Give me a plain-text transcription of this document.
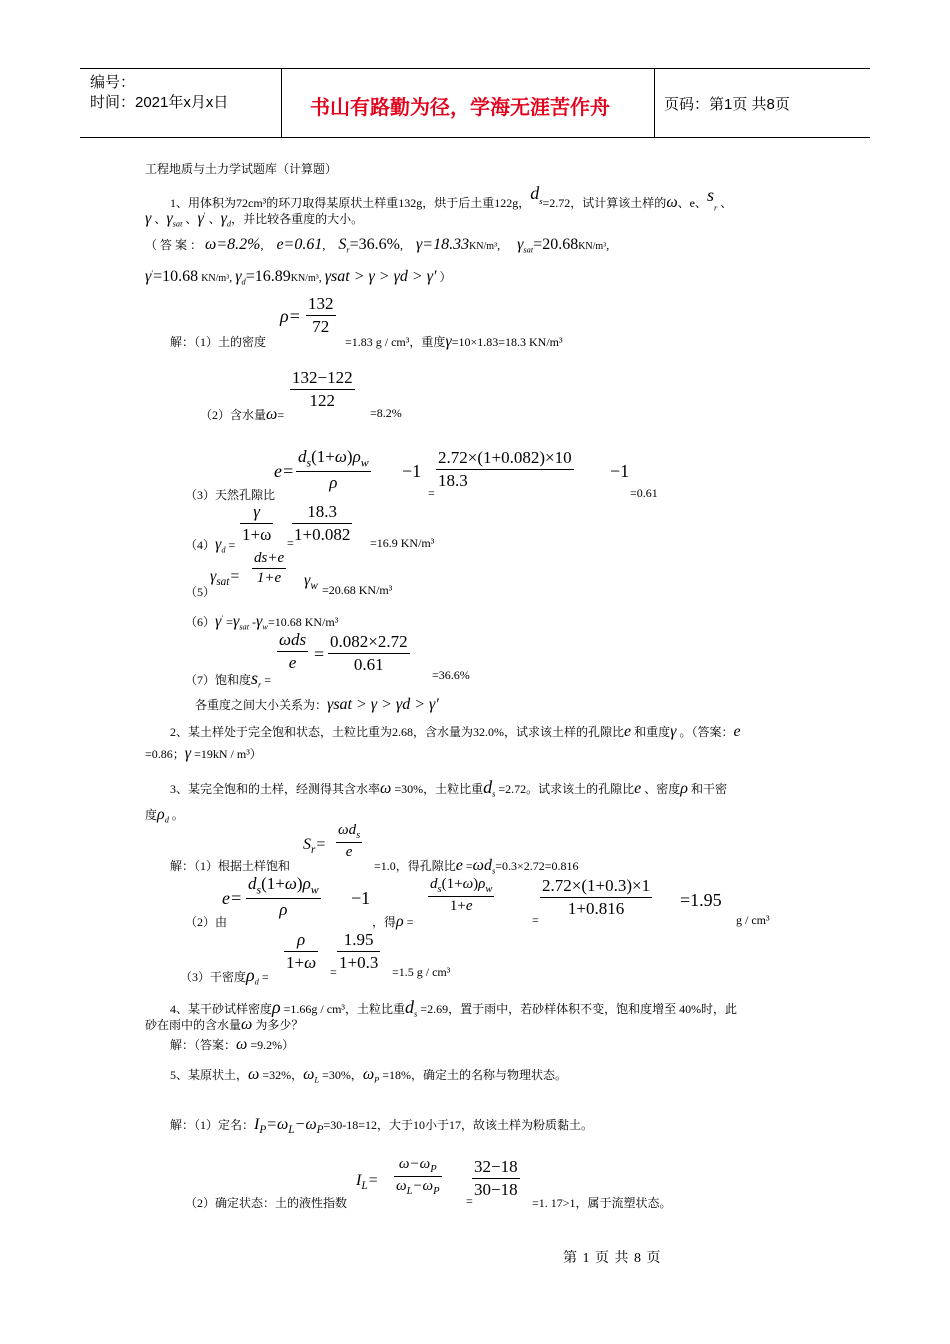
编号：
时间：2021年x月x日	书山有路勤为径，学海无涯苦作舟	页码：第1页 共8页
工程地质与土力学试题库（计算题）
1、用体积为72cm³的环刀取得某原状土样重132g，烘于后土重122g，$d_s=2.72$，试计算该土样的ω、e、$s_r$ 、
γ 、$\gamma_{sat}$ 、γ′ 、$\gamma_d$，并比较各重度的大小。
（ 答 案 ： ω=8.2%, e=0.61, $S_r=36.6\%$, γ=18.33KN/m³, $\gamma_{sat}=20.68KN/m^3$,
γ′=10.68 KN/m³, $\gamma_d=16.89KN/m^3$, γsat > γ > γd > γ′ ）
解：（1）土的密度
$\rho= \frac{132}{72}$
=1.83 g / cm³，重度γ=10×1.83=18.3 KN/m³
（2）含水量ω=
$\frac{132-122}{122}$
=8.2%
（3）天然孔隙比
$e= \frac{d_s(1+\omega)\rho_w}{\rho} -1$
=
$\frac{2.72\times(1+0.082)\times 10}{18.3} -1$
=0.61
$(4)\gamma_d = \frac{\gamma}{1+\omega}$ =
$\frac{18.3}{1+0.082} =16.9$ KN/m³
（5）
$\gamma_{sat}= \frac{ds+e}{1+e} \gamma_w =20.68$ KN/m³
$(6)\gamma' =\gamma_{sat}$ $-\gamma_w=10.68$ KN/m³
（7）饱和度$s_r$ =
ωds
$e = \frac{0.082\times 2.72}{0.61} =36.6\%$
各重度之间大小关系为：γsat > γ > γd > γ′
2、某土样处于完全饱和状态，土粒比重为2.68，含水量为32.0%，试求该土样的孔隙比e 和重度γ 。（答案：e
=0.86；γ =19kN / m³）
3、某完全饱和的土样，经测得其含水率ω =30%，土粒比重$d_s =2.72$。试求该土的孔隙比e 、密度ρ 和干密
度$\rho_d$ 。
解：（1）根据土样饱和
$S_r=$
$\omega d_s$
e
=1.0，得孔隙比$e =\omega d_s=0.3\times 2.72=0.816$
（2）由
$e= \frac{d_s(1+\omega)\rho_w}{\rho} -1$
，得ρ =
$\frac{d_s(1+\omega)\rho_w}{1+e}$
=
$\frac{2.72\times(1+0.3)\times 1}{1+0.816} =1.95$
g / cm³
（3）干密度$\rho_d$ =
$\frac{\rho}{1+\omega} = \frac{1.95}{1+0.3} =1.5$ g / cm³
4、某干砂试样密度ρ =1.66g / cm³，土粒比重$d_s =2.69$，置于雨中，若砂样体积不变，饱和度增至 40%时，此
砂在雨中的含水量ω 为多少？
解：（答案：ω =9.2%）
5、某原状土，ω =32%，$\omega_L =30\%$，$\omega_P =18\%$，确定土的名称与物理状态。
解：（1）定名：$I_P=\omega_L-\omega_P=30-18=12$，大于10小于17，故该土样为粉质黏土。
（2）确定状态：土的液性指数
$I_L= \frac{\omega-\omega_P}{\omega_L-\omega_P}$
=
$\frac{32-18}{30-18}$
=1. 17>1，属于流塑状态。
第 1 页 共 8 页
